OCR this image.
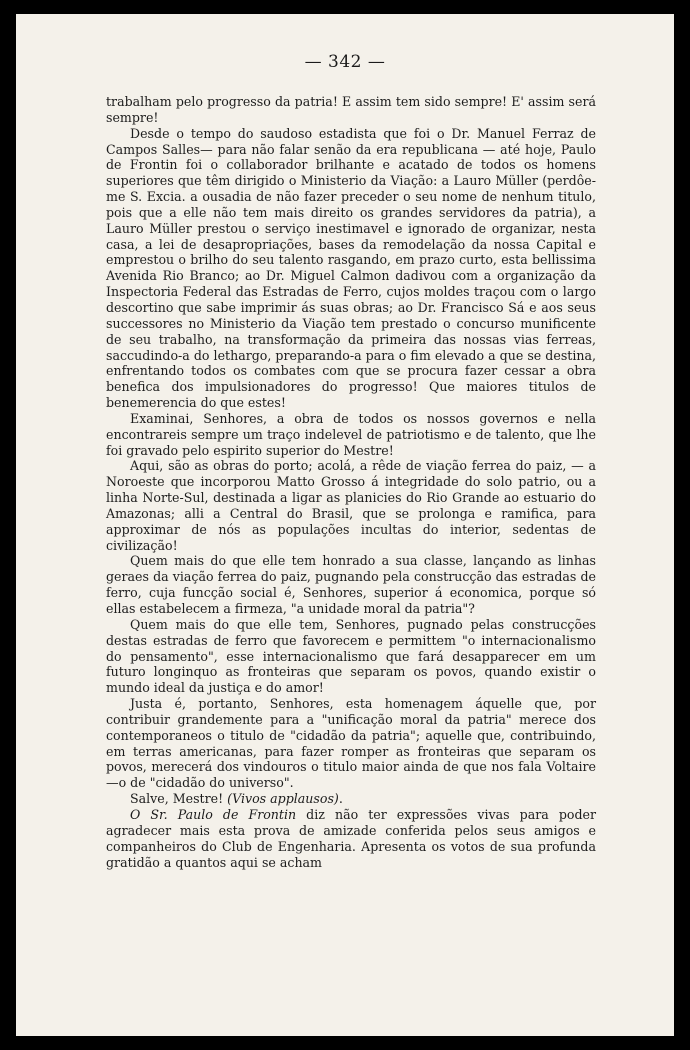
— 342 —

trabalham pelo progresso da patria! E assim tem sido sempre! E' assim será sempre!

Desde o tempo do saudoso estadista que foi o Dr. Manuel Ferraz de Campos Salles— para não falar senão da era republicana — até hoje, Paulo de Frontin foi o collaborador brilhante e acatado de todos os homens superiores que têm dirigido o Ministerio da Viação: a Lauro Müller (perdôe-me S. Excia. a ousadia de não fazer preceder o seu nome de nenhum titulo, pois que a elle não tem mais direito os grandes servidores da patria), a Lauro Müller prestou o serviço inestimavel e ignorado de organizar, nesta casa, a lei de desapropriações, bases da remodelação da nossa Capital e emprestou o brilho do seu talento rasgando, em prazo curto, esta bellissima Avenida Rio Branco; ao Dr. Miguel Calmon dadivou com a organização da Inspectoria Federal das Estradas de Ferro, cujos moldes traçou com o largo descortino que sabe imprimir ás suas obras; ao Dr. Francisco Sá e aos seus successores no Ministerio da Viação tem prestado o concurso munificente de seu trabalho, na transformação da primeira das nossas vias ferreas, saccudindo-a do lethargo, preparando-a para o fim elevado a que se destina, enfrentando todos os combates com que se procura fazer cessar a obra benefica dos impulsionadores do progresso! Que maiores titulos de benemerencia do que estes!

Examinai, Senhores, a obra de todos os nossos governos e nella encontrareis sempre um traço indelevel de patriotismo e de talento, que lhe foi gravado pelo espirito superior do Mestre!

Aqui, são as obras do porto; acolá, a rêde de viação ferrea do paiz, — a Noroeste que incorporou Matto Grosso á integridade do solo patrio, ou a linha Norte-Sul, destinada a ligar as planicies do Rio Grande ao estuario do Amazonas; alli a Central do Brasil, que se prolonga e ramifica, para approximar de nós as populações incultas do interior, sedentas de civilização!

Quem mais do que elle tem honrado a sua classe, lançando as linhas geraes da viação ferrea do paiz, pugnando pela construcção das estradas de ferro, cuja funcção social é, Senhores, superior á economica, porque só ellas estabelecem a firmeza, "a unidade moral da patria"?

Quem mais do que elle tem, Senhores, pugnado pelas construcções destas estradas de ferro que favorecem e permittem "o internacionalismo do pensamento", esse internacionalismo que fará desapparecer em um futuro longinquo as fronteiras que separam os povos, quando existir o mundo ideal da justiça e do amor!

Justa é, portanto, Senhores, esta homenagem áquelle que, por contribuir grandemente para a "unificação moral da patria" merece dos contemporaneos o titulo de "cidadão da patria"; aquelle que, contribuindo, em terras americanas, para fazer romper as fronteiras que separam os povos, merecerá dos vindouros o titulo maior ainda de que nos fala Voltaire—o de "cidadão do universo".

Salve, Mestre! (Vivos applausos).

O Sr. Paulo de Frontin diz não ter expressões vivas para poder agradecer mais esta prova de amizade conferida pelos seus amigos e companheiros do Club de Engenharia. Apresenta os votos de sua profunda gratidão a quantos aqui se acham
